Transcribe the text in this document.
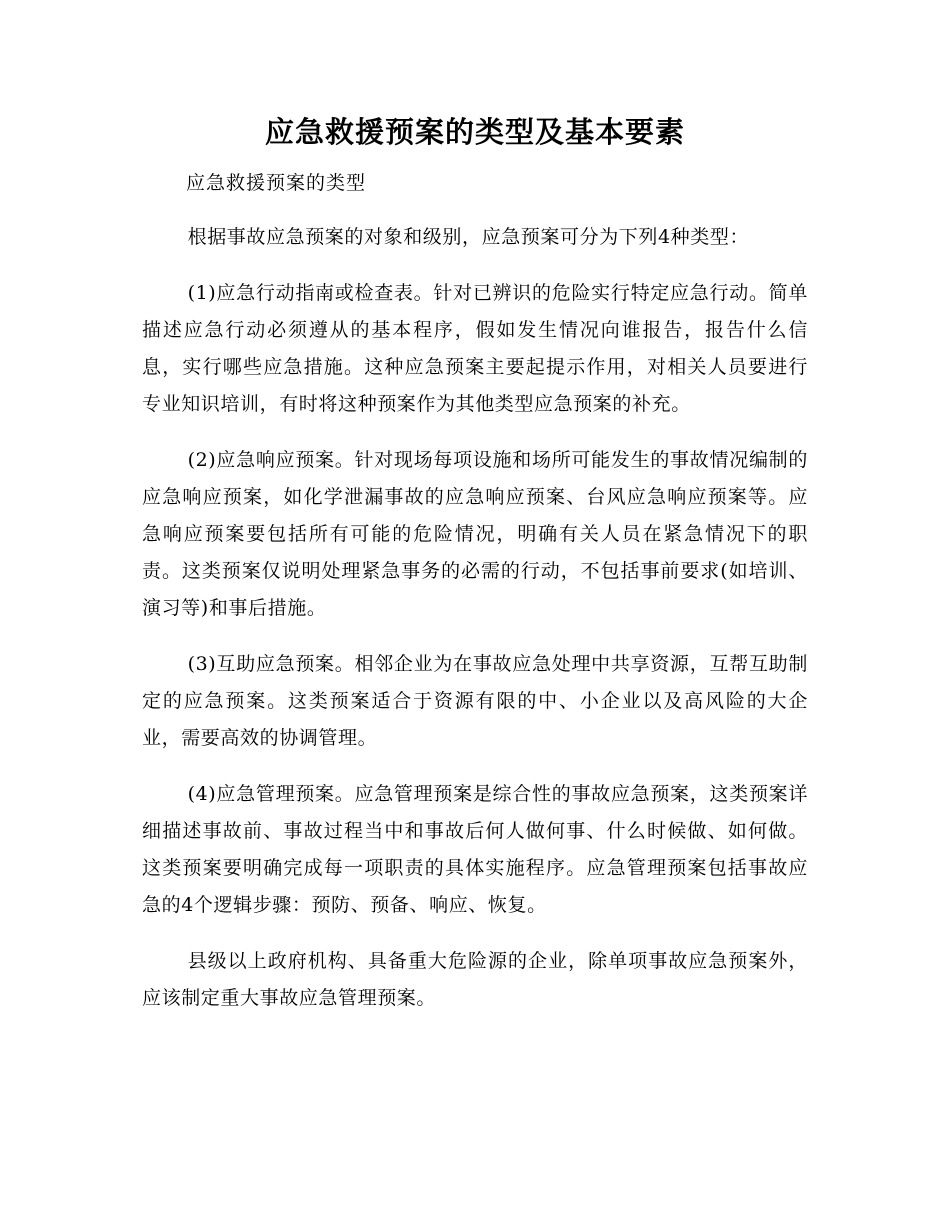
应急救援预案的类型及基本要素
应急救援预案的类型

根据事故应急预案的对象和级别，应急预案可分为下列4种类型：

(1)应急行动指南或检查表。针对已辨识的危险实行特定应急行动。简单描述应急行动必须遵从的基本程序，假如发生情况向谁报告，报告什么信息，实行哪些应急措施。这种应急预案主要起提示作用，对相关人员要进行专业知识培训，有时将这种预案作为其他类型应急预案的补充。

(2)应急响应预案。针对现场每项设施和场所可能发生的事故情况编制的应急响应预案，如化学泄漏事故的应急响应预案、台风应急响应预案等。应急响应预案要包括所有可能的危险情况，明确有关人员在紧急情况下的职责。这类预案仅说明处理紧急事务的必需的行动，不包括事前要求(如培训、演习等)和事后措施。

(3)互助应急预案。相邻企业为在事故应急处理中共享资源，互帮互助制定的应急预案。这类预案适合于资源有限的中、小企业以及高风险的大企业，需要高效的协调管理。

(4)应急管理预案。应急管理预案是综合性的事故应急预案，这类预案详细描述事故前、事故过程当中和事故后何人做何事、什么时候做、如何做。这类预案要明确完成每一项职责的具体实施程序。应急管理预案包括事故应急的4个逻辑步骤：预防、预备、响应、恢复。

县级以上政府机构、具备重大危险源的企业，除单项事故应急预案外，应该制定重大事故应急管理预案。
